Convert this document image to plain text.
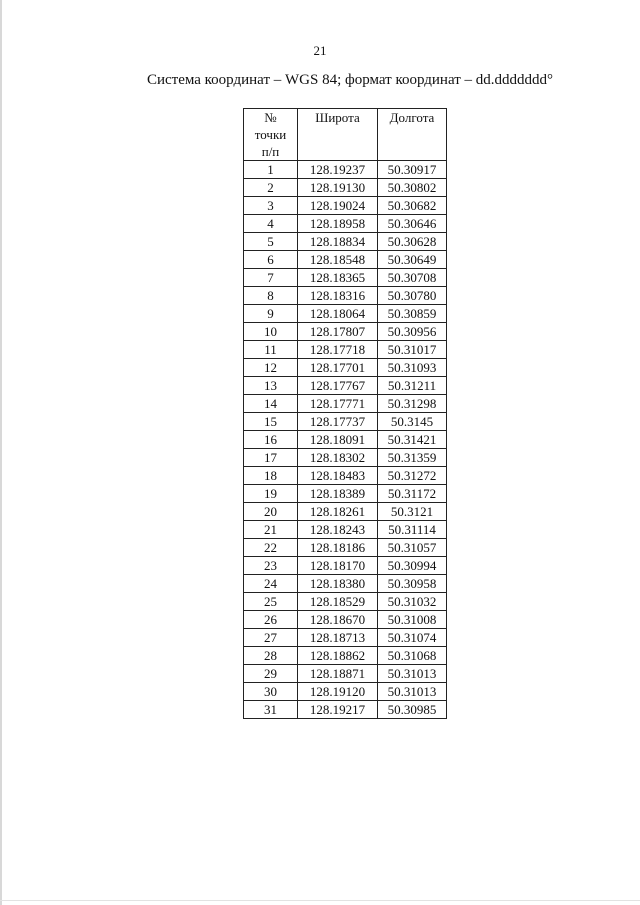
21
Система координат – WGS 84; формат координат – dd.ddddddd°
№ точки п/п	Широта	Долгота
1	128.19237	50.30917
2	128.19130	50.30802
3	128.19024	50.30682
4	128.18958	50.30646
5	128.18834	50.30628
6	128.18548	50.30649
7	128.18365	50.30708
8	128.18316	50.30780
9	128.18064	50.30859
10	128.17807	50.30956
11	128.17718	50.31017
12	128.17701	50.31093
13	128.17767	50.31211
14	128.17771	50.31298
15	128.17737	50.3145
16	128.18091	50.31421
17	128.18302	50.31359
18	128.18483	50.31272
19	128.18389	50.31172
20	128.18261	50.3121
21	128.18243	50.31114
22	128.18186	50.31057
23	128.18170	50.30994
24	128.18380	50.30958
25	128.18529	50.31032
26	128.18670	50.31008
27	128.18713	50.31074
28	128.18862	50.31068
29	128.18871	50.31013
30	128.19120	50.31013
31	128.19217	50.30985
